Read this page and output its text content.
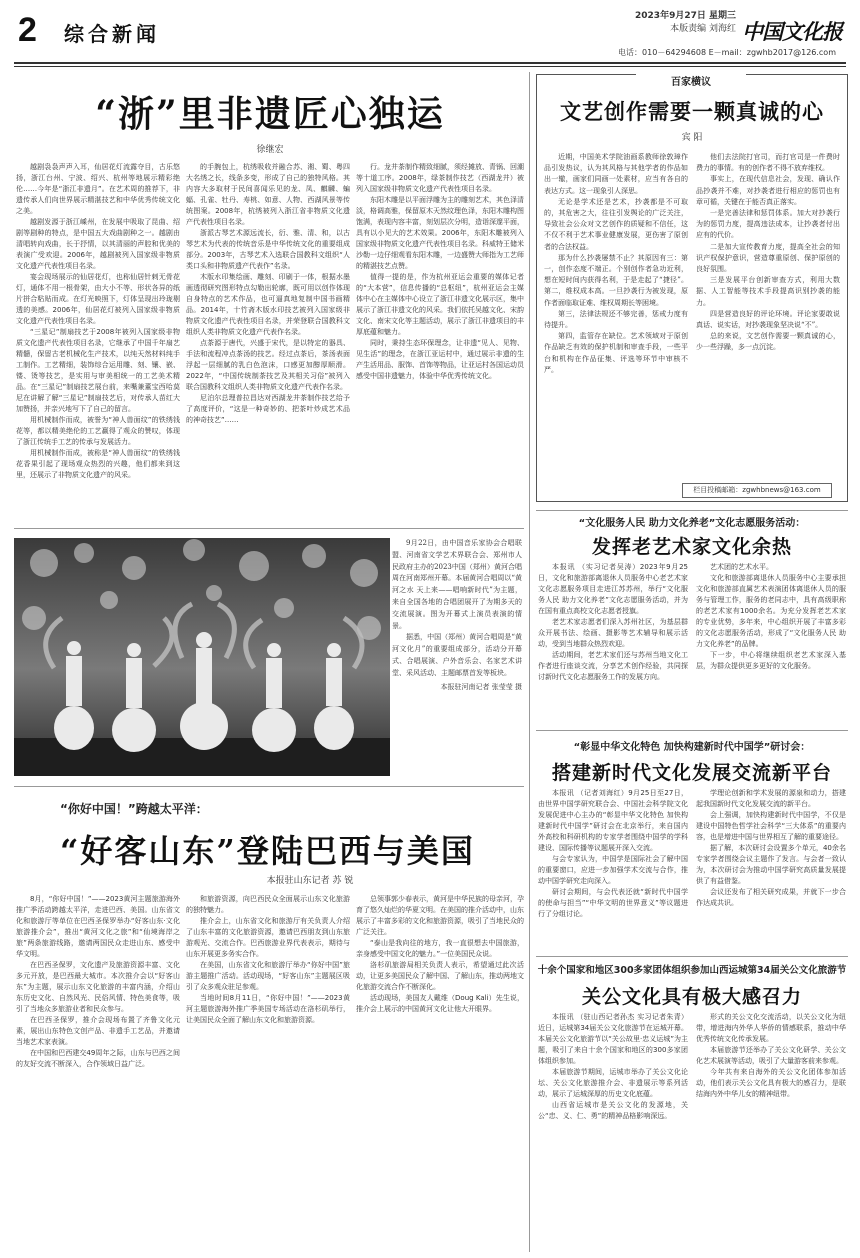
2 综合新闻
2023年9月27日 星期三
本版责编 刘海红
电话：010－64294608 E－mail：zgwhb2017@126.com
中国文化报
“浙”里非遗匠心独运
徐继宏

越剧袅袅声声入耳，仙居花灯流露夺目，古乐悠扬，浙江台州、宁波、绍兴、杭州等地展示精彩绝伦……今年是“浙江非遗月”。在艺术周的推荐下，非遗传承人们向世界展示精湛技艺和中华优秀传统文化之美。

越剧发源于浙江嵊州，在发展中吸取了昆曲、绍剧等剧种的特点，是中国五大戏曲剧种之一。越剧由清唱转向戏曲，长于抒情，以其清丽的声腔和优美的表演广受欢迎。2006年，越剧被列入国家级非物质文化遗产代表性项目名录。

宴会现场展示的仙居花灯，也称仙居针刺无骨花灯，通体不用一根骨架，由大小不等、形状各异的纸片拼合粘贴而成。在灯光映照下，灯体呈现出玲珑剔透的美感。2006年，仙居花灯被列入国家级非物质文化遗产代表性项目名录。

“三星记”制扇技艺于2008年被列入国家级非物质文化遗产代表性项目名录，它继承了中国千年扇艺精髓，保留古老机械化生产技术，以纯天然材料纯手工制作。工艺精细，装饰综合运用雕、刻、镶、嵌、镂、烫等技艺，是实用与审美相统一的工艺美术精品。在“三星记”制扇技艺展台前，来嘴兼董宝西哈莫尼在讲解了解“三星记”制扇技艺后，对传承人苗红大加赞扬，并亲兴地写下了自己的留言。

用机械制作而成，被誉为“神人兽面纹”的铁绣钱花等，都以精美绝伦的工艺赢得了观众的赞叹，体现了浙江传统手工艺的传承与发展活力。

用机械制作而成，被称是“神人兽面纹”的铁绣钱花香果引起了现场观众热烈的兴趣，他们都来到这里，还展示了非物质文化遗产的风采。

的手腕包上，杭绣吸收并融合苏、湘、蜀、粤四大名绣之长，线条多变，形成了自己的独特风格。其内容大多取材于民间喜闻乐见的龙、凤、麒麟、蝙蝠、孔雀、牡丹、寿桃、如意、人物、西湖风景等传统图案。2008年，杭绣被列入浙江省非物质文化遗产代表性项目名录。

浙派古琴艺术源远流长，衍、雅、清、和，以古琴艺术为代表的传统音乐是中华传统文化的重要组成部分。2003年，古琴艺术入选联合国教科文组织“人类口头和非物质遗产代表作”名录。

木版水印集绘画、雕刻、印刷于一体，根据水墨画透彻研究图形特点勾勒出轮廓，既可用以创作体现自身特点的艺术作品，也可逼真地复制中国书画精品。2014年，十竹斋木版水印技艺被列入国家级非物质文化遗产代表性项目名录，并荣登联合国教科文组织人类非物质文化遗产代表作名录。

点茶源于唐代，兴盛于宋代，是以特定的器具、手法和流程冲点茶汤的技艺。经过点茶后，茶汤表面浮起一层细腻的乳白色泡沫，口感更加醇厚顺滑。2022年，“中国传统制茶技艺及其相关习俗”被列入联合国教科文组织人类非物质文化遗产代表作名录。

尼泊尔总理普拉昌达对西湖龙井茶制作技艺给予了高度评价，“这是一种奇妙的、把茶叶炒成艺术品的神奇技艺”……

行。龙井茶制作精致细腻，须经摊放、青锅、回潮等十道工序。2008年，绿茶制作技艺（西湖龙井）被列入国家级非物质文化遗产代表性项目名录。

东阳木雕是以平面浮雕为主的雕刻艺术，其色泽清淡，格调高雅，保留原木天然纹理色泽，东阳木雕构图饱满，表现内容丰富，刻划层次分明，造诣深邃平面，具有以小见大的艺术效果。2006年，东阳木雕被列入国家级非物质文化遗产代表性项目名录。科威特王储米沙勒一边仔细观看东阳木雕，一边盛赞大师指为工艺师的精湛技艺点赞。

值得一提的是，作为杭州亚运会重要的媒体记者的“大本营”，信息传播的“总枢纽”，杭州亚运会主媒体中心在主媒体中心设立了浙江非遗文化展示区，集中展示了浙江非遗文化的风采。我们依托吴越文化、宋韵文化、南宋文化等主题活动，展示了浙江非遗项目的丰厚底蕴和魅力。

同时，秉持生态环保理念，让非遗“见人、见物、见生活”的理念，在浙江亚运村中，通过展示非遗的生产生活用品、服饰、首饰等物品，让亚运村各国运动员感受中国非遗魅力，体验中华优秀传统文化。

百家横议
文艺创作需要一颗真诚的心
宾 阳

近期，中国美术学院油画系教师徐敦璋作品引发热议，认为其风格与其他学者的作品如出一辙，画家们同画一处素材，应当有各自的表达方式。这一现象引人深思。

无论是学术还是艺术，抄袭都是不可取的，其危害之大，往往引发舆论的广泛关注，导致社会公众对文艺创作的质疑和不信任，这不仅不利于艺术事业健康发展，更伤害了原创者的合法权益。

那为什么抄袭屡禁不止？其原因有三：第一，创作态度不端正。个别创作者急功近利，想在短时间内获得名利，于是走起了“捷径”。第二，维权成本高。一旦抄袭行为被发现，原作者面临取证难、维权周期长等困境。

第三，法律法规还不够完善，惩戒力度有待提升。

第四，监管存在缺位。艺术领域对于原创作品缺乏有效的保护机制和审查手段，一些平台和机构在作品征集、评选等环节中审核不严。

他们去法院打官司，而打官司是一件费时费力的事情。有的创作者不得不放弃维权。

事实上，在现代信息社会，发现、确认作品抄袭并不难，对抄袭者进行相应的惩罚也有章可循，关键在于能否真正落实。

一是完善法律和惩罚体系。加大对抄袭行为的惩罚力度，提高违法成本，让抄袭者付出应有的代价。

二是加大宣传教育力度，提高全社会的知识产权保护意识，营造尊重原创、保护原创的良好氛围。

三是发展平台创新审查方式，利用大数据、人工智能等技术手段提高识别抄袭的能力。

四是营造良好的评论环境。评论家要敢说真话、说实话，对抄袭现象坚决说“不”。

总的来说，文艺创作需要一颗真诚的心，少一些浮躁，多一点沉淀。

栏目投稿邮箱：zgwhbnews@163.com

9月22日，由中国音乐家协会合唱联盟、河南省文学艺术界联合会、郑州市人民政府主办的2023中国（郑州）黄河合唱周在河南郑州开幕。本届黄河合唱周以“黄河之水 天上来——唱响新时代”为主题，来自全国各地的合唱团展开了为期多天的交流展演。图为开幕式上演员表演的情景。

据悉，中国（郑州）黄河合唱周是“黄河文化月”的重要组成部分，活动分开幕式、合唱展演、户外音乐会、名家艺术讲堂、采风活动、主题邮票首发等板块。

本报驻河南记者 张莹莹 摄

“你好中国！”跨越太平洋：
“好客山东”登陆巴西与美国
本报驻山东记者 苏 锐

8月，“你好中国！”——2023黄河主题旅游海外推广季活动跨越太平洋，走进巴西、美国。山东省文化和旅游厅等单位在巴西圣保罗举办“好客山东·文化旅游推介会”，推出“黄河文化之旅”和“仙境海岸之旅”两条旅游线路，邀请两国民众走进山东、感受中华文明。

在巴西圣保罗，文化遗产及旅游资源丰富、文化多元开放，是巴西最大城市。本次推介会以“好客山东”为主题，展示山东文化旅游的丰富内涵，介绍山东历史文化、自然风光、民俗风情、特色美食等，吸引了当地众多旅游业者和民众参与。

在巴西圣保罗，推介会现场布置了齐鲁文化元素，展出山东特色文创产品、非遗手工艺品，并邀请当地艺术家表演。

在中国和巴西建交49周年之际，山东与巴西之间的友好交流不断深入，合作领域日益广泛。

和旅游资源，向巴西民众全面展示山东文化旅游的独特魅力。

推介会上，山东省文化和旅游厅有关负责人介绍了山东丰富的文化旅游资源，邀请巴西朋友到山东旅游观光、交流合作。巴西旅游业界代表表示，期待与山东开展更多务实合作。

在美国，山东省文化和旅游厅举办“你好中国”旅游主题推广活动。活动现场，“好客山东”主题展区吸引了众多观众驻足参观。

当地时间8月11日，“你好中国！”——2023黄河主题旅游海外推广季美国专场活动在洛杉矶举行，让美国民众全面了解山东文化和旅游资源。

总领事郭少春表示，黄河是中华民族的母亲河，孕育了悠久灿烂的华夏文明。在美国的推介活动中，山东展示了丰富多彩的文化和旅游资源，吸引了当地民众的广泛关注。

“泰山是我向往的地方，我一直很想去中国旅游，亲身感受中国文化的魅力。”一位美国民众说。

洛杉矶旅游局相关负责人表示，希望通过此次活动，让更多美国民众了解中国、了解山东，推动两地文化旅游交流合作不断深化。

活动现场，美国友人戴维（Doug Kali）先生说，推介会上展示的中国黄河文化让他大开眼界。

“文化服务人民 助力文化养老”文化志愿服务活动：
发挥老艺术家文化余热

本报讯 （实习记者吴涛）2023年9月25日，文化和旅游部离退休人员服务中心老艺术家文化志愿服务项目走进江苏苏州，举行“文化服务人民 助力文化养老”文化志愿服务活动，并为在国有重点高校文化志愿者授旗。

老艺术家志愿者们深入苏州社区，为基层群众开展书法、绘画、摄影等艺术辅导和展示活动，受到当地群众热烈欢迎。

活动期间，老艺术家们还与苏州当地文化工作者进行座谈交流，分享艺术创作经验，共同探讨新时代文化志愿服务工作的发展方向。

艺术团的艺术水平。

文化和旅游部离退休人员服务中心主要承担文化和旅游部直属艺术表演团体离退休人员的服务与管理工作，服务的老同志中，具有高级职称的老艺术家有1000余名。为充分发挥老艺术家的专业优势，多年来，中心组织开展了丰富多彩的文化志愿服务活动，形成了“文化服务人民 助力文化养老”的品牌。

下一步，中心将继续组织老艺术家深入基层，为群众提供更多更好的文化服务。

“彰显中华文化特色 加快构建新时代中国学”研讨会：
搭建新时代文化发展交流新平台

本报讯 （记者刘海红）9月25日至27日，由世界中国学研究联合会、中国社会科学院文化发展促进中心主办的“彰显中华文化特色 加快构建新时代中国学”研讨会在北京举行，来自国内外高校和科研机构的专家学者围绕中国学的学科建设、国际传播等议题展开深入交流。

与会专家认为，中国学是国际社会了解中国的重要窗口，应进一步加强学术交流与合作，推动中国学研究走向深入。

研讨会期间，与会代表还就“新时代中国学的使命与担当”“中华文明的世界意义”等议题进行了分组讨论。

学理论创新和学术发展的源泉和动力，搭建起我国新时代文化发展交流的新平台。

会上强调，加快构建新时代中国学，不仅是建设中国特色哲学社会科学“三大体系”的重要内容，也是增进中国与世界相互了解的重要途径。

据了解，本次研讨会设置多个单元，40余名专家学者围绕会议主题作了发言。与会者一致认为，本次研讨会为推动中国学研究高质量发展提供了有益借鉴。

会议还发布了相关研究成果，并就下一步合作达成共识。

十余个国家和地区300多家团体组织参加山西运城第34届关公文化旅游节
关公文化具有极大感召力

本报讯 （驻山西记者孙杰 实习记者朱青）近日，运城第34届关公文化旅游节在运城开幕。本届关公文化旅游节以“关公故里·忠义运城”为主题，吸引了来自十余个国家和地区的300多家团体组织参加。

本届旅游节期间，运城市举办了关公文化论坛、关公文化旅游推介会、非遗展示等系列活动，展示了运城深厚的历史文化底蕴。

山西省运城市是关公文化的发源地，关公“忠、义、仁、勇”的精神品格影响深远。

形式的关公文化交流活动，以关公文化为纽带，增进海内外华人华侨的情感联系，推动中华优秀传统文化传承发展。

本届旅游节还举办了关公文化研学、关公文化艺术展演等活动，吸引了大量游客前来参观。

今年共有来自海外的关公文化团体参加活动，他们表示关公文化具有极大的感召力，是联结海内外中华儿女的精神纽带。
